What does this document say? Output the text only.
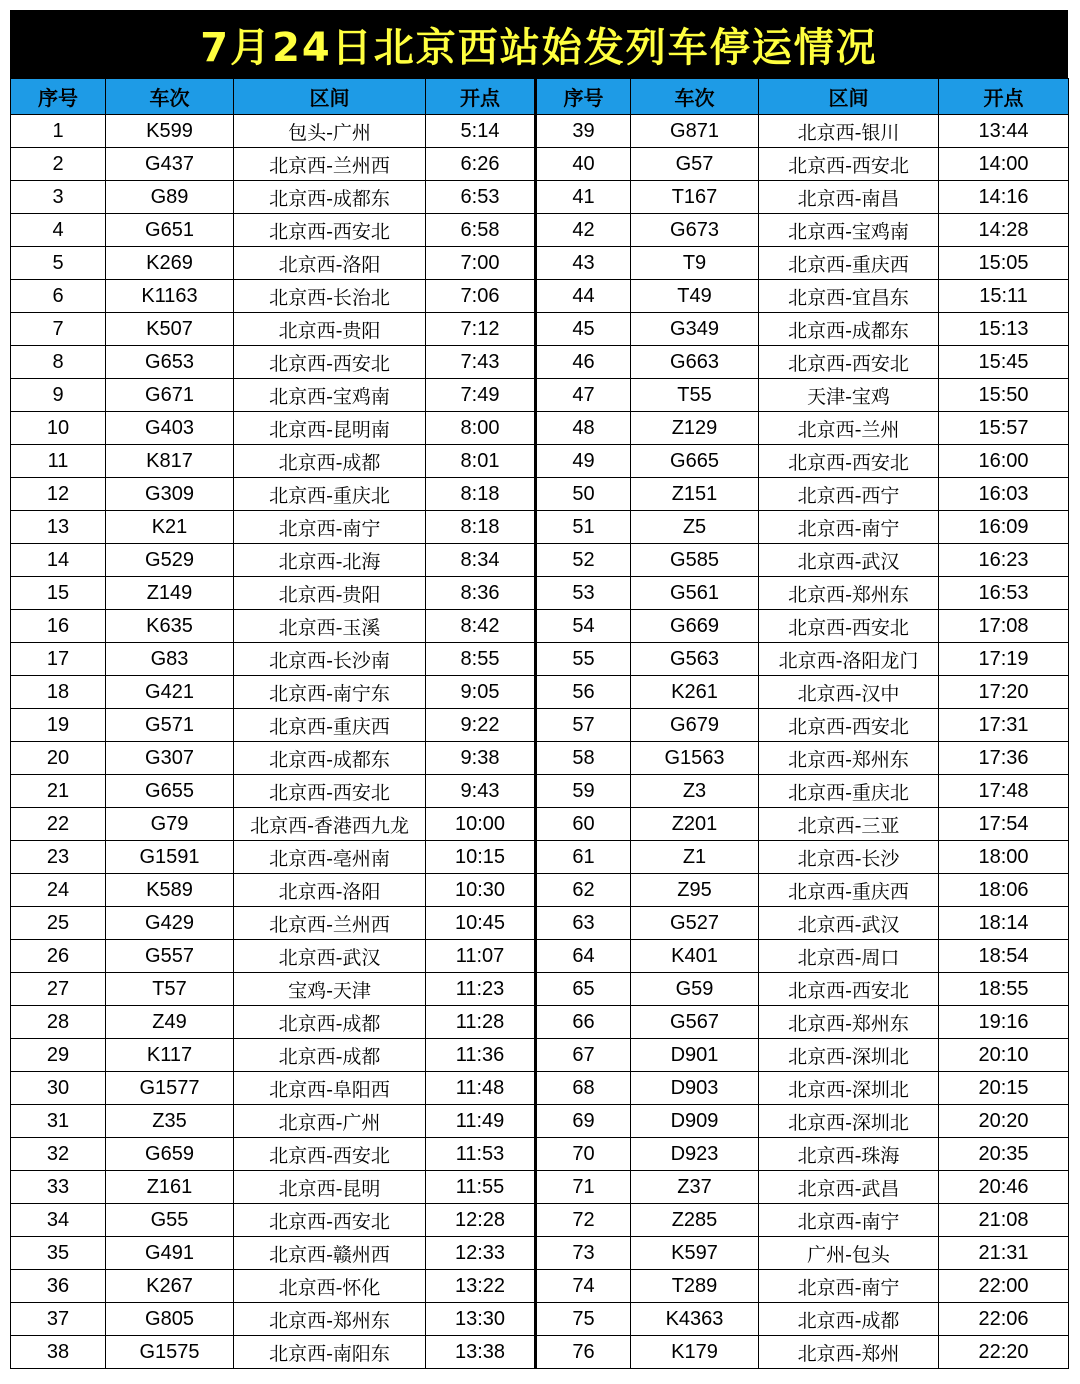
7月24日北京西站始发列车停运情况
序号	车次	区间	开点	序号	车次	区间	开点
1	K599	包头-广州	5:14	39	G871	北京西-银川	13:44
2	G437	北京西-兰州西	6:26	40	G57	北京西-西安北	14:00
3	G89	北京西-成都东	6:53	41	T167	北京西-南昌	14:16
4	G651	北京西-西安北	6:58	42	G673	北京西-宝鸡南	14:28
5	K269	北京西-洛阳	7:00	43	T9	北京西-重庆西	15:05
6	K1163	北京西-长治北	7:06	44	T49	北京西-宜昌东	15:11
7	K507	北京西-贵阳	7:12	45	G349	北京西-成都东	15:13
8	G653	北京西-西安北	7:43	46	G663	北京西-西安北	15:45
9	G671	北京西-宝鸡南	7:49	47	T55	天津-宝鸡	15:50
10	G403	北京西-昆明南	8:00	48	Z129	北京西-兰州	15:57
11	K817	北京西-成都	8:01	49	G665	北京西-西安北	16:00
12	G309	北京西-重庆北	8:18	50	Z151	北京西-西宁	16:03
13	K21	北京西-南宁	8:18	51	Z5	北京西-南宁	16:09
14	G529	北京西-北海	8:34	52	G585	北京西-武汉	16:23
15	Z149	北京西-贵阳	8:36	53	G561	北京西-郑州东	16:53
16	K635	北京西-玉溪	8:42	54	G669	北京西-西安北	17:08
17	G83	北京西-长沙南	8:55	55	G563	北京西-洛阳龙门	17:19
18	G421	北京西-南宁东	9:05	56	K261	北京西-汉中	17:20
19	G571	北京西-重庆西	9:22	57	G679	北京西-西安北	17:31
20	G307	北京西-成都东	9:38	58	G1563	北京西-郑州东	17:36
21	G655	北京西-西安北	9:43	59	Z3	北京西-重庆北	17:48
22	G79	北京西-香港西九龙	10:00	60	Z201	北京西-三亚	17:54
23	G1591	北京西-亳州南	10:15	61	Z1	北京西-长沙	18:00
24	K589	北京西-洛阳	10:30	62	Z95	北京西-重庆西	18:06
25	G429	北京西-兰州西	10:45	63	G527	北京西-武汉	18:14
26	G557	北京西-武汉	11:07	64	K401	北京西-周口	18:54
27	T57	宝鸡-天津	11:23	65	G59	北京西-西安北	18:55
28	Z49	北京西-成都	11:28	66	G567	北京西-郑州东	19:16
29	K117	北京西-成都	11:36	67	D901	北京西-深圳北	20:10
30	G1577	北京西-阜阳西	11:48	68	D903	北京西-深圳北	20:15
31	Z35	北京西-广州	11:49	69	D909	北京西-深圳北	20:20
32	G659	北京西-西安北	11:53	70	D923	北京西-珠海	20:35
33	Z161	北京西-昆明	11:55	71	Z37	北京西-武昌	20:46
34	G55	北京西-西安北	12:28	72	Z285	北京西-南宁	21:08
35	G491	北京西-赣州西	12:33	73	K597	广州-包头	21:31
36	K267	北京西-怀化	13:22	74	T289	北京西-南宁	22:00
37	G805	北京西-郑州东	13:30	75	K4363	北京西-成都	22:06
38	G1575	北京西-南阳东	13:38	76	K179	北京西-郑州	22:20
